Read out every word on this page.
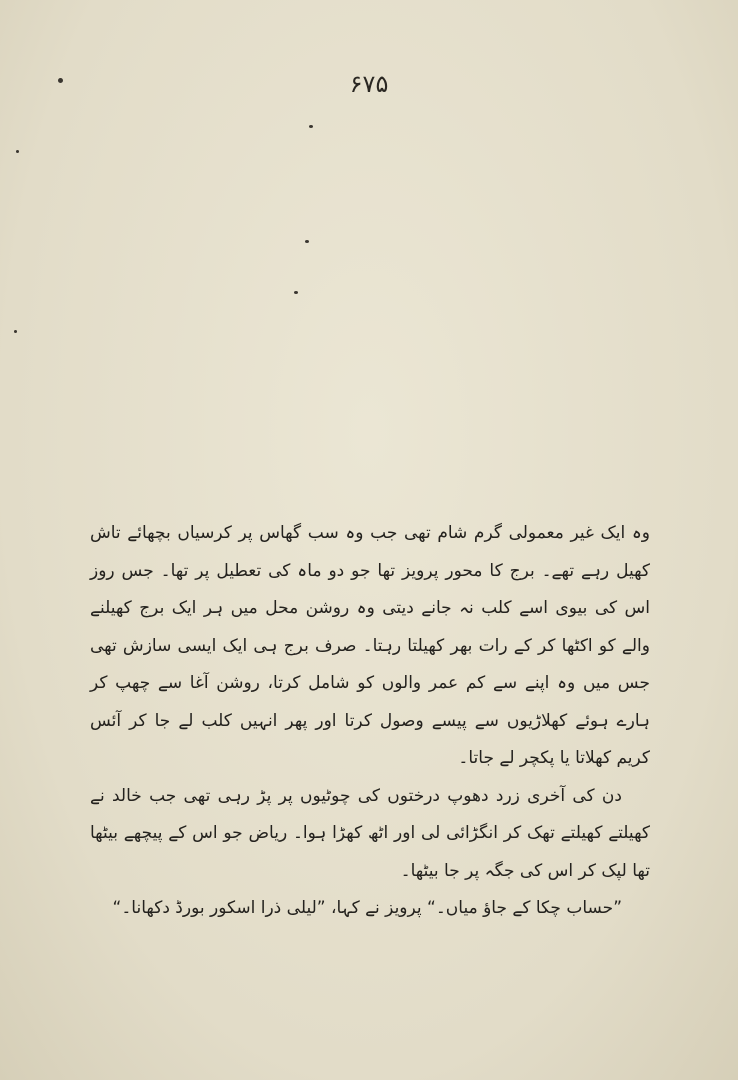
۶۷۵

وہ ایک غیر معمولی گرم شام تھی جب وہ سب گھاس پر کرسیاں بچھائے تاش کھیل رہے تھے۔ برج کا محور پرویز تھا جو دو ماہ کی تعطیل پر تھا۔ جس روز اس کی بیوی اسے کلب نہ جانے دیتی وہ روشن محل میں ہر ایک برج کھیلنے والے کو اکٹھا کر کے رات بھر کھیلتا رہتا۔ صرف برج ہی ایک ایسی سازش تھی جس میں وہ اپنے سے کم عمر والوں کو شامل کرتا، روشن آغا سے چھپ کر ہارے ہوئے کھلاڑیوں سے پیسے وصول کرتا اور پھر انہیں کلب لے جا کر آئس کریم کھلاتا یا پکچر لے جاتا۔

دن کی آخری زرد دھوپ درختوں کی چوٹیوں پر پڑ رہی تھی جب خالد نے کھیلتے کھیلتے تھک کر انگڑائی لی اور اٹھ کھڑا ہوا۔ ریاض جو اس کے پیچھے بیٹھا تھا لپک کر اس کی جگہ پر جا بیٹھا۔

”حساب چکا کے جاؤ میاں۔“ پرویز نے کہا، ”لیلی ذرا اسکور بورڈ دکھانا۔“
